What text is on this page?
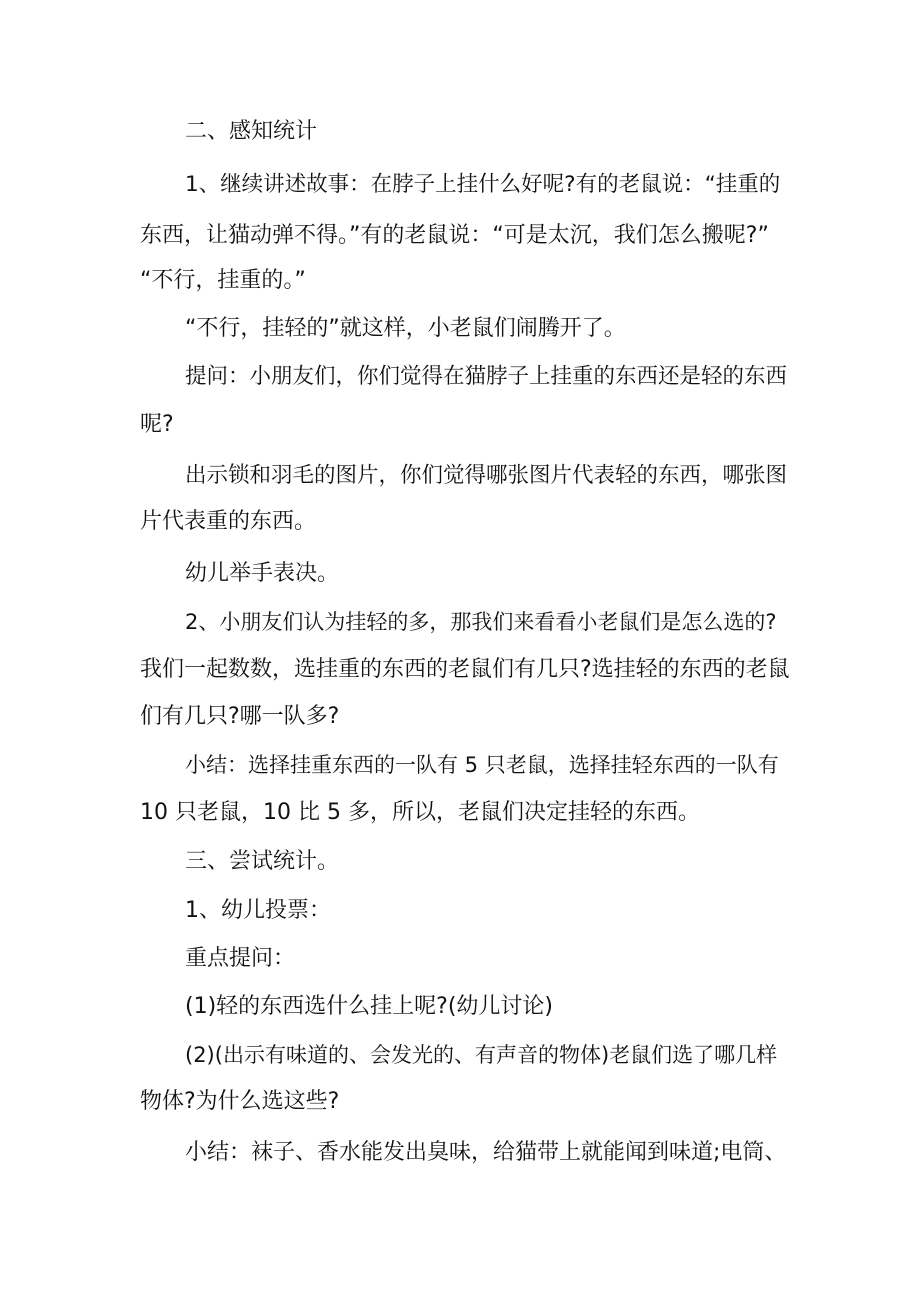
二、感知统计
1、继续讲述故事：在脖子上挂什么好呢?有的老鼠说：“挂重的
东西，让猫动弹不得。”有的老鼠说：“可是太沉，我们怎么搬呢?”
“不行，挂重的。”
“不行，挂轻的”就这样，小老鼠们闹腾开了。
提问：小朋友们，你们觉得在猫脖子上挂重的东西还是轻的东西
呢?
出示锁和羽毛的图片，你们觉得哪张图片代表轻的东西，哪张图
片代表重的东西。
幼儿举手表决。
2、小朋友们认为挂轻的多，那我们来看看小老鼠们是怎么选的?
我们一起数数，选挂重的东西的老鼠们有几只?选挂轻的东西的老鼠
们有几只?哪一队多?
小结：选择挂重东西的一队有 5 只老鼠，选择挂轻东西的一队有
10 只老鼠，10 比 5 多，所以，老鼠们决定挂轻的东西。
三、尝试统计。
1、幼儿投票：
重点提问：
(1)轻的东西选什么挂上呢?(幼儿讨论)
(2)(出示有味道的、会发光的、有声音的物体)老鼠们选了哪几样
物体?为什么选这些?
小结：袜子、香水能发出臭味，给猫带上就能闻到味道;电筒、
